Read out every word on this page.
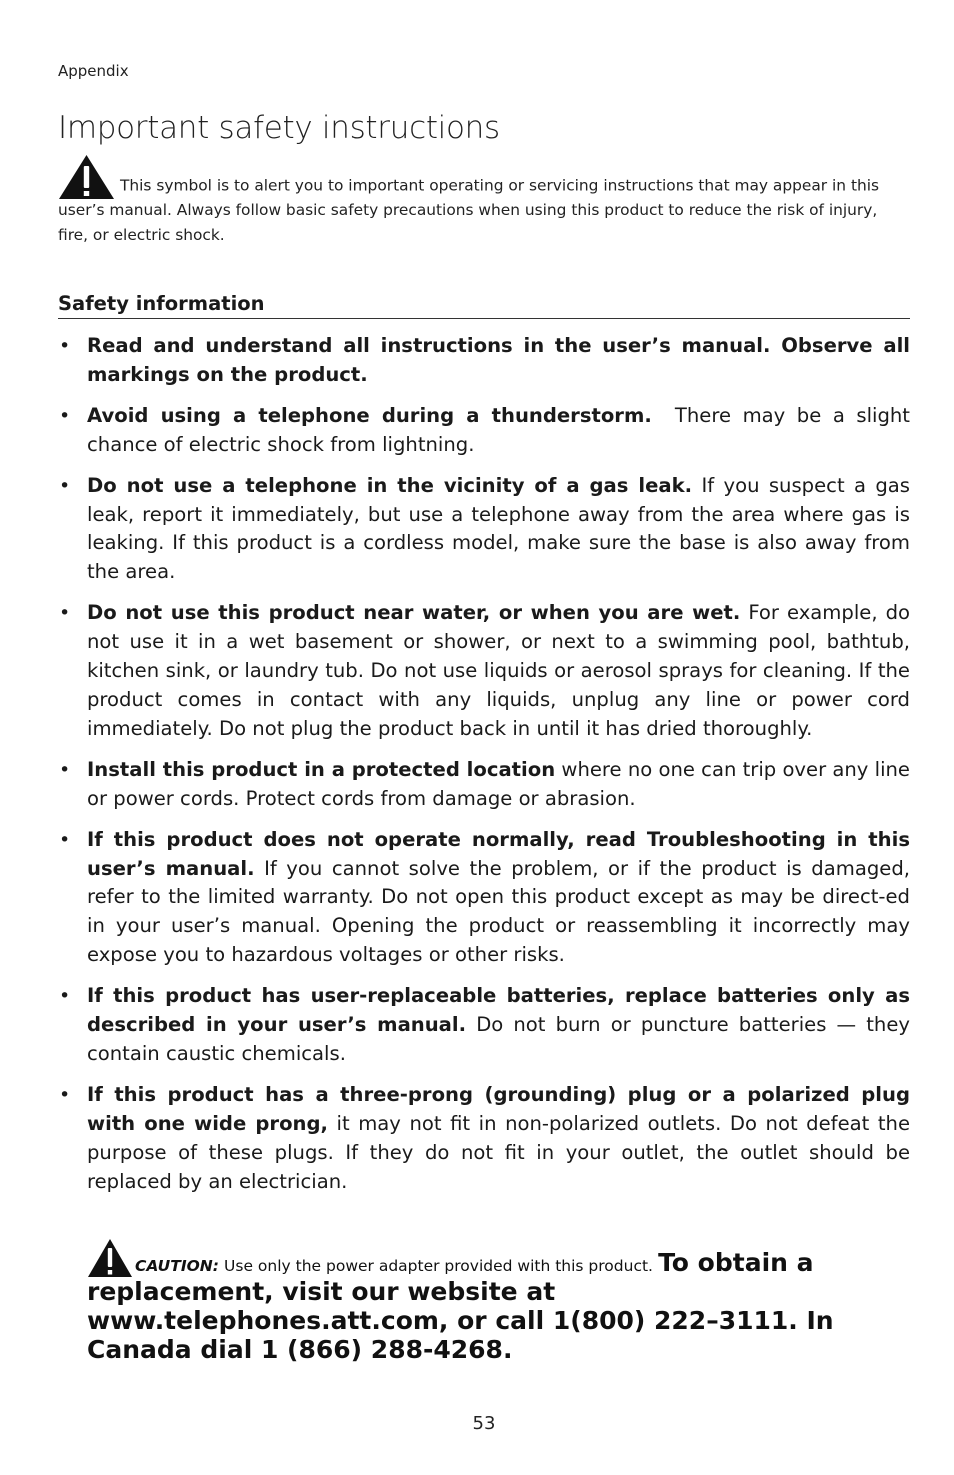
Appendix
Important safety instructions
This symbol is to alert you to important operating or servicing instructions that may appear in this user’s manual. Always follow basic safety precautions when using this product to reduce the risk of injury, fire, or electric shock.
Safety information
• Read and understand all instructions in the user’s manual. Observe all markings on the product.
• Avoid using a telephone during a thunderstorm. There may be a slight chance of electric shock from lightning.
• Do not use a telephone in the vicinity of a gas leak. If you suspect a gas leak, report it immediately, but use a telephone away from the area where gas is leaking. If this product is a cordless model, make sure the base is also away from the area.
• Do not use this product near water, or when you are wet. For example, do not use it in a wet basement or shower, or next to a swimming pool, bathtub, kitchen sink, or laundry tub. Do not use liquids or aerosol sprays for cleaning. If the product comes in contact with any liquids, unplug any line or power cord immediately. Do not plug the product back in until it has dried thoroughly.
• Install this product in a protected location where no one can trip over any line or power cords. Protect cords from damage or abrasion.
• If this product does not operate normally, read Troubleshooting in this user’s manual. If you cannot solve the problem, or if the product is damaged, refer to the limited warranty. Do not open this product except as may be direct-ed in your user’s manual. Opening the product or reassembling it incorrectly may expose you to hazardous voltages or other risks.
• If this product has user-replaceable batteries, replace batteries only as described in your user’s manual. Do not burn or puncture batteries — they contain caustic chemicals.
• If this product has a three-prong (grounding) plug or a polarized plug with one wide prong, it may not fit in non-polarized outlets. Do not defeat the purpose of these plugs. If they do not fit in your outlet, the outlet should be replaced by an electrician.
CAUTION: Use only the power adapter provided with this product. To obtain a replacement, visit our website at www.telephones.att.com, or call 1(800) 222–3111. In Canada dial 1 (866) 288-4268.
53
